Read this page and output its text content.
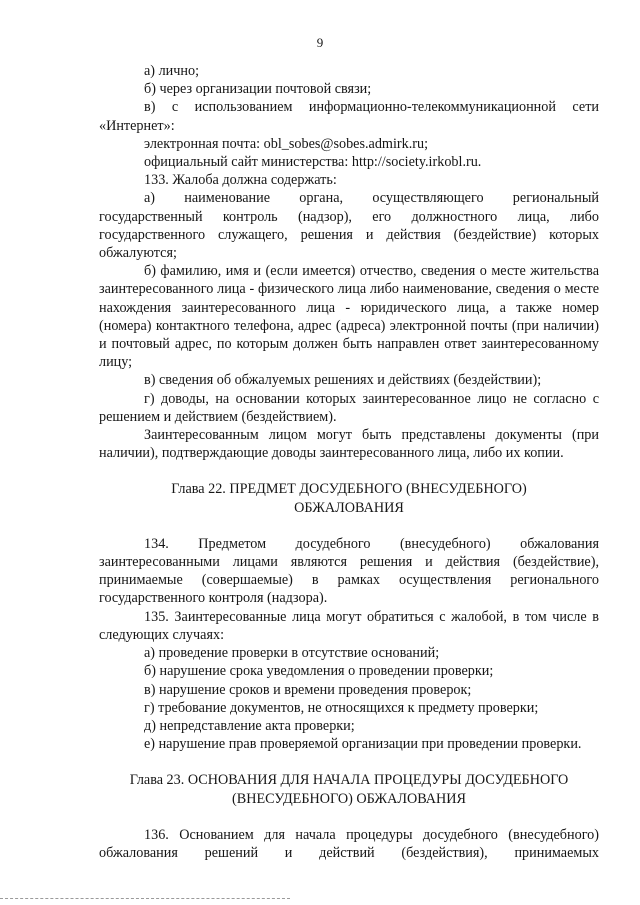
9

а) лично;

б) через организации почтовой связи;

в) с использованием информационно-телекоммуникационной сети «Интернет»:

электронная почта: obl_sobes@sobes.admirk.ru;

официальный сайт министерства: http://society.irkobl.ru.

133. Жалоба должна содержать:

а) наименование органа, осуществляющего региональный государственный контроль (надзор), его должностного лица, либо государственного служащего, решения и действия (бездействие) которых обжалуются;

б) фамилию, имя и (если имеется) отчество, сведения о месте жительства заинтересованного лица - физического лица либо наименование, сведения о месте нахождения заинтересованного лица - юридического лица, а также номер (номера) контактного телефона, адрес (адреса) электронной почты (при наличии) и почтовый адрес, по которым должен быть направлен ответ заинтересованному лицу;

в) сведения об обжалуемых решениях и действиях (бездействии);

г) доводы, на основании которых заинтересованное лицо не согласно с решением и действием (бездействием).

Заинтересованным лицом могут быть представлены документы (при наличии), подтверждающие доводы заинтересованного лица, либо их копии.

Глава 22. ПРЕДМЕТ ДОСУДЕБНОГО (ВНЕСУДЕБНОГО)
ОБЖАЛОВАНИЯ

134. Предметом досудебного (внесудебного) обжалования заинтересованными лицами являются решения и действия (бездействие), принимаемые (совершаемые) в рамках осуществления регионального государственного контроля (надзора).

135. Заинтересованные лица могут обратиться с жалобой, в том числе в следующих случаях:

а) проведение проверки в отсутствие оснований;

б) нарушение срока уведомления о проведении проверки;

в) нарушение сроков и времени проведения проверок;

г) требование документов, не относящихся к предмету проверки;

д) непредставление акта проверки;

е) нарушение прав проверяемой организации при проведении проверки.

Глава 23. ОСНОВАНИЯ ДЛЯ НАЧАЛА ПРОЦЕДУРЫ ДОСУДЕБНОГО
(ВНЕСУДЕБНОГО) ОБЖАЛОВАНИЯ

136. Основанием для начала процедуры досудебного (внесудебного) обжалования решений и действий (бездействия), принимаемых
